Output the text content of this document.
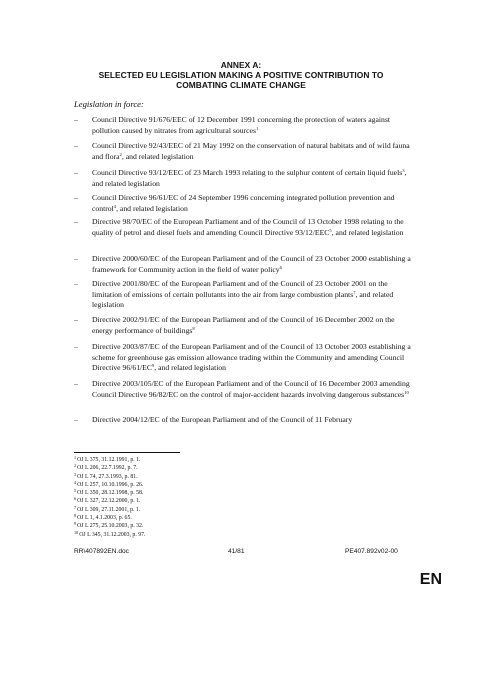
ANNEX A:
SELECTED EU LEGISLATION MAKING A POSITIVE CONTRIBUTION TO
COMBATING CLIMATE CHANGE
Legislation in force:
– Council Directive 91/676/EEC of 12 December 1991 concerning the protection of waters against pollution caused by nitrates from agricultural sources$^1$
– Council Directive 92/43/EEC of 21 May 1992 on the conservation of natural habitats and of wild fauna and flora$^2$, and related legislation
– Council Directive 93/12/EEC of 23 March 1993 relating to the sulphur content of certain liquid fuels$^3$, and related legislation
– Council Directive 96/61/EC of 24 September 1996 concerning integrated pollution prevention and control$^4$, and related legislation
– Directive 98/70/EC of the European Parliament and of the Council of 13 October 1998 relating to the quality of petrol and diesel fuels and amending Council Directive 93/12/EEC$^5$, and related legislation
– Directive 2000/60/EC of the European Parliament and of the Council of 23 October 2000 establishing a framework for Community action in the field of water policy$^6$
– Directive 2001/80/EC of the European Parliament and of the Council of 23 October 2001 on the limitation of emissions of certain pollutants into the air from large combustion plants$^7$, and related legislation
– Directive 2002/91/EC of the European Parliament and of the Council of 16 December 2002 on the energy performance of buildings$^8$
– Directive 2003/87/EC of the European Parliament and of the Council of 13 October 2003 establishing a scheme for greenhouse gas emission allowance trading within the Community and amending Council Directive $96/61/EC^9$, and related legislation
– Directive 2003/105/EC of the European Parliament and of the Council of 16 December 2003 amending Council Directive 96/82/EC on the control of major-accident hazards involving dangerous substances$^{10}$
– Directive 2004/12/EC of the European Parliament and of the Council of 11 February
$^1$OJ L 375, 31.12.1991, p. 1.
$^2$OJ L 206, 22.7.1992, p. 7.
$^3$OJ L 74, 27.3.1993, p. 81.
$^4$OJ L 257, 10.10.1996, p. 26.
$^5$OJ L 350, 28.12.1998, p. 58.
$^6$OJ L 327, 22.12.2000, p. 1.
$^7$OJ L 309, 27.11.2001, p. 1.
$^8$OJ L 1, 4.1.2003, p. 65.
$^9$OJ L 275, 25.10.2003, p. 32.
$^{10}$OJ L 345, 31.12.2003, p. 97.
RR\407892EN.doc	41/81	PE407.892v02-00
EN
